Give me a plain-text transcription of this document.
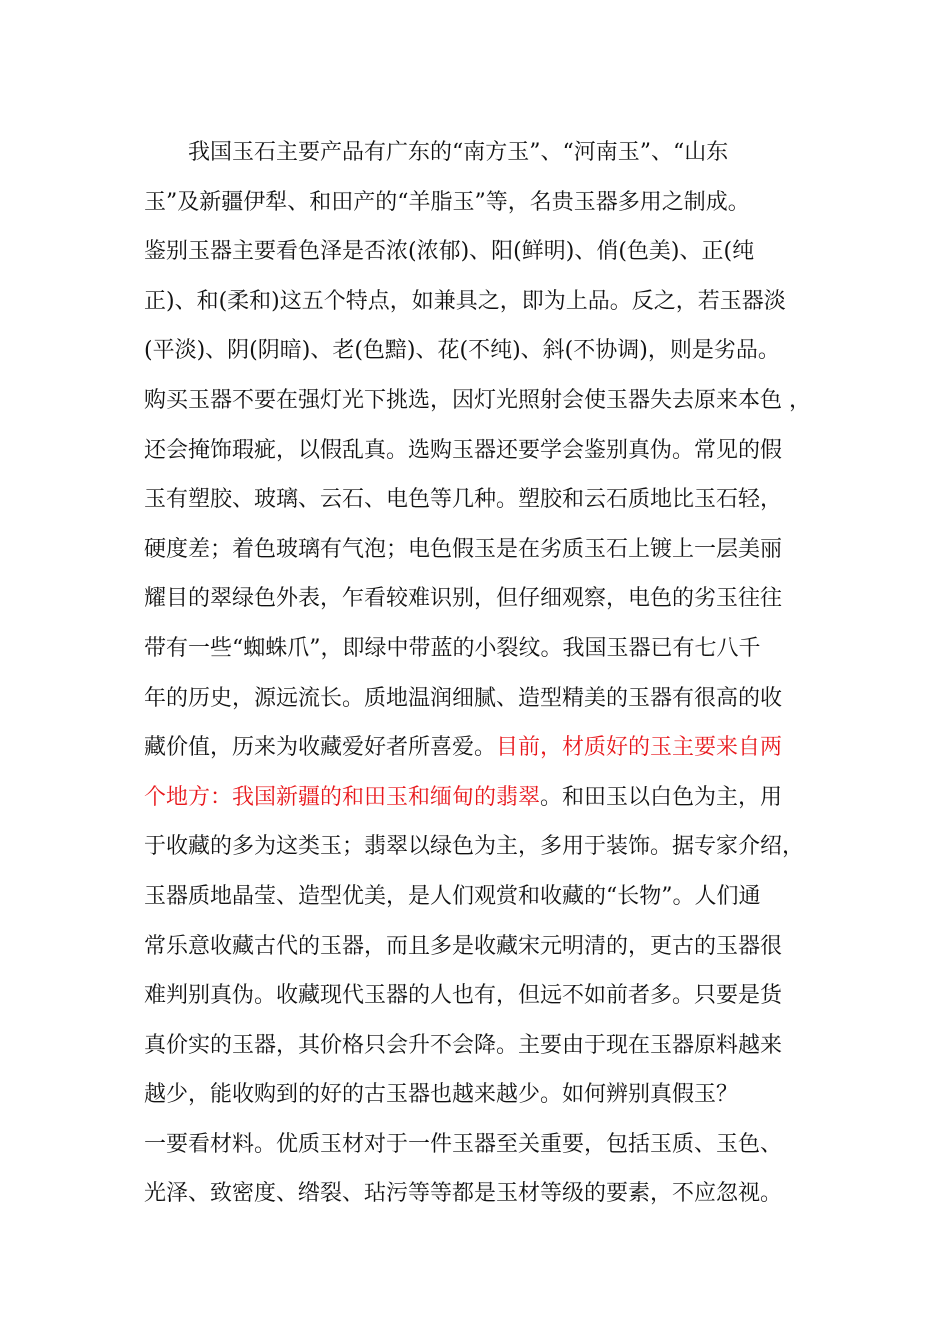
我国玉石主要产品有广东的“南方玉”、“河南玉”、“山东
玉”及新疆伊犁、和田产的“羊脂玉”等，名贵玉器多用之制成。
鉴别玉器主要看色泽是否浓(浓郁)、阳(鲜明)、俏(色美)、正(纯
正)、和(柔和)这五个特点，如兼具之，即为上品。反之，若玉器淡
(平淡)、阴(阴暗)、老(色黯)、花(不纯)、斜(不协调)，则是劣品。
购买玉器不要在强灯光下挑选，因灯光照射会使玉器失去原来本色 ，
还会掩饰瑕疵，以假乱真。选购玉器还要学会鉴别真伪。常见的假
玉有塑胶、玻璃、云石、电色等几种。塑胶和云石质地比玉石轻，
硬度差；着色玻璃有气泡；电色假玉是在劣质玉石上镀上一层美丽
耀目的翠绿色外表，乍看较难识别，但仔细观察，电色的劣玉往往
带有一些“蜘蛛爪”，即绿中带蓝的小裂纹。我国玉器已有七八千
年的历史，源远流长。质地温润细腻、造型精美的玉器有很高的收
藏价值，历来为收藏爱好者所喜爱。目前，材质好的玉主要来自两
个地方：我国新疆的和田玉和缅甸的翡翠。和田玉以白色为主，用
于收藏的多为这类玉；翡翠以绿色为主，多用于装饰。据专家介绍，
玉器质地晶莹、造型优美，是人们观赏和收藏的“长物”。人们通
常乐意收藏古代的玉器，而且多是收藏宋元明清的，更古的玉器很
难判别真伪。收藏现代玉器的人也有，但远不如前者多。只要是货
真价实的玉器，其价格只会升不会降。主要由于现在玉器原料越来
越少，能收购到的好的古玉器也越来越少。如何辨别真假玉？
一要看材料。优质玉材对于一件玉器至关重要，包括玉质、玉色、
光泽、致密度、绺裂、玷污等等都是玉材等级的要素，不应忽视。
